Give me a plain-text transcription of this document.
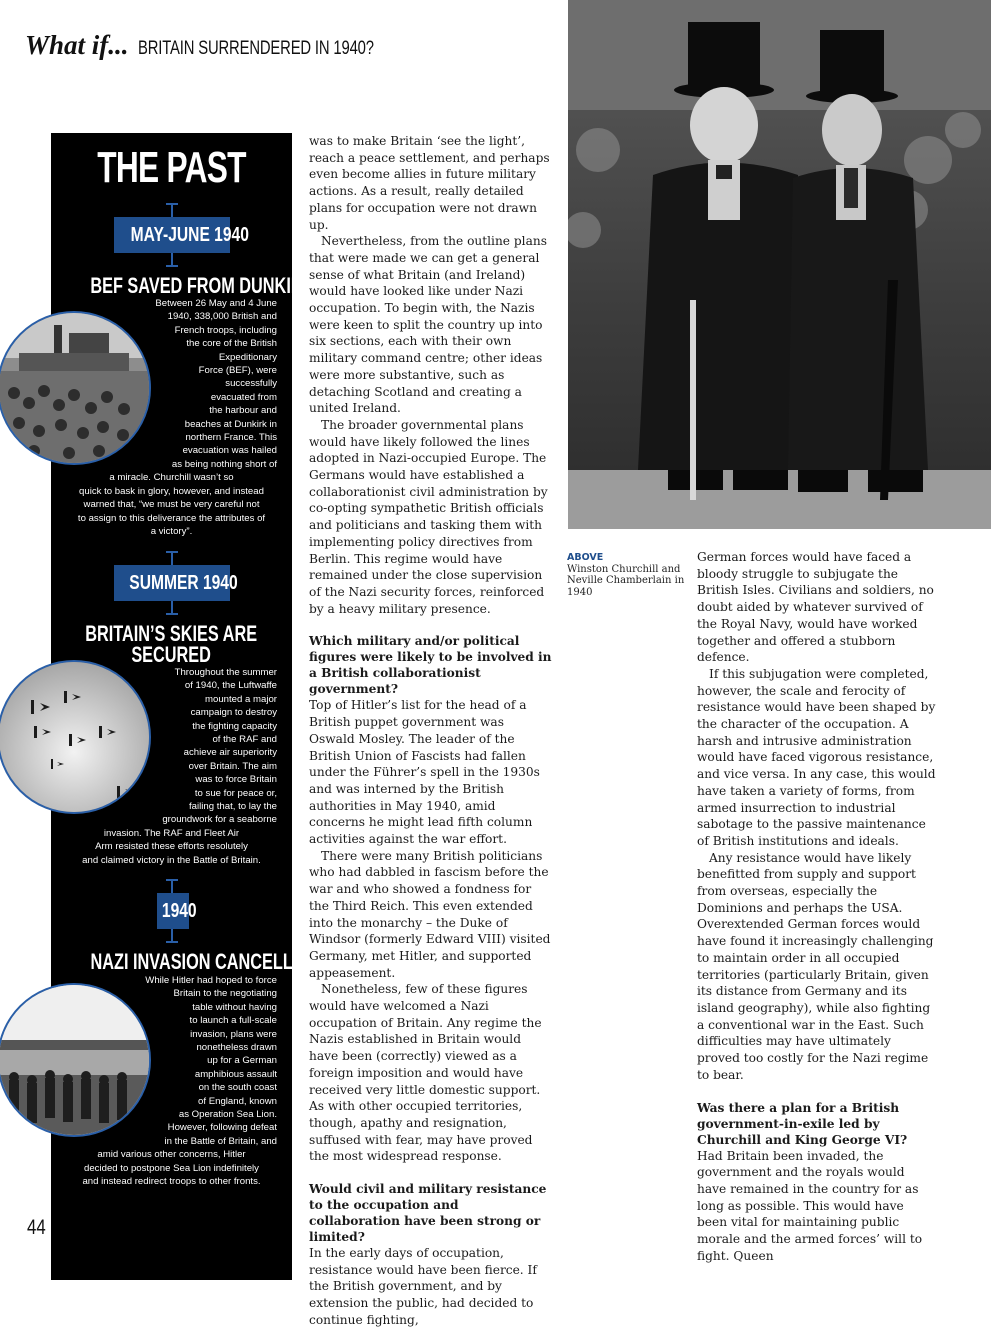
What if... BRITAIN SURRENDERED IN 1940?
THE PAST
MAY-JUNE 1940
BEF SAVED FROM DUNKIRK
Between 26 May and 4 June
1940, 338,000 British and
French troops, including
the core of the British
Expeditionary
Force (BEF), were
successfully
evacuated from
the harbour and
beaches at Dunkirk in
northern France. This
evacuation was hailed
as being nothing short of
a miracle. Churchill wasn’t so
quick to bask in glory, however, and instead
warned that, “we must be very careful not
to assign to this deliverance the attributes of
a victory”.
SUMMER 1940
BRITAIN’S SKIES ARE
SECURED
Throughout the summer
of 1940, the Luftwaffe
mounted a major
campaign to destroy
the fighting capacity
of the RAF and
achieve air superiority
over Britain. The aim
was to force Britain
to sue for peace or,
failing that, to lay the
groundwork for a seaborne
invasion. The RAF and Fleet Air
Arm resisted these efforts resolutely
and claimed victory in the Battle of Britain.
1940
NAZI INVASION CANCELLED
While Hitler had hoped to force
Britain to the negotiating
table without having
to launch a full-scale
invasion, plans were
nonetheless drawn
up for a German
amphibious assault
on the south coast
of England, known
as Operation Sea Lion.
However, following defeat
in the Battle of Britain, and
amid various other concerns, Hitler
decided to postpone Sea Lion indefinitely
and instead redirect troops to other fronts.
44

was to make Britain ‘see the light’, reach a peace settlement, and perhaps even become allies in future military actions. As a result, really detailed plans for occupation were not drawn up.

Nevertheless, from the outline plans that were made we can get a general sense of what Britain (and Ireland) would have looked like under Nazi occupation. To begin with, the Nazis were keen to split the country up into six sections, each with their own military command centre; other ideas were more substantive, such as detaching Scotland and creating a united Ireland.

The broader governmental plans would have likely followed the lines adopted in Nazi-occupied Europe. The Germans would have established a collaborationist civil administration by co-opting sympathetic British officials and politicians and tasking them with implementing policy directives from Berlin. This regime would have remained under the close supervision of the Nazi security forces, reinforced by a heavy military presence.

Which military and/or political figures were likely to be involved in a British collaborationist government?

Top of Hitler’s list for the head of a British puppet government was Oswald Mosley. The leader of the British Union of Fascists had fallen under the Führer’s spell in the 1930s and was interned by the British authorities in May 1940, amid concerns he might lead fifth column activities against the war effort.

There were many British politicians who had dabbled in fascism before the war and who showed a fondness for the Third Reich. This even extended into the monarchy – the Duke of Windsor (formerly Edward VIII) visited Germany, met Hitler, and supported appeasement.

Nonetheless, few of these figures would have welcomed a Nazi occupation of Britain. Any regime the Nazis established in Britain would have been (correctly) viewed as a foreign imposition and would have received very little domestic support. As with other occupied territories, though, apathy and resignation, suffused with fear, may have proved the most widespread response.

Would civil and military resistance to the occupation and collaboration have been strong or limited?

In the early days of occupation, resistance would have been fierce. If the British government, and by extension the public, had decided to continue fighting,

ABOVE
Winston Churchill and Neville Chamberlain in 1940

German forces would have faced a bloody struggle to subjugate the British Isles. Civilians and soldiers, no doubt aided by whatever survived of the Royal Navy, would have worked together and offered a stubborn defence.

If this subjugation were completed, however, the scale and ferocity of resistance would have been shaped by the character of the occupation. A harsh and intrusive administration would have faced vigorous resistance, and vice versa. In any case, this would have taken a variety of forms, from armed insurrection to industrial sabotage to the passive maintenance of British institutions and ideals.

Any resistance would have likely benefitted from supply and support from overseas, especially the Dominions and perhaps the USA. Overextended German forces would have found it increasingly challenging to maintain order in all occupied territories (particularly Britain, given its distance from Germany and its island geography), while also fighting a conventional war in the East. Such difficulties may have ultimately proved too costly for the Nazi regime to bear.

Was there a plan for a British government-in-exile led by Churchill and King George VI?

Had Britain been invaded, the government and the royals would have remained in the country for as long as possible. This would have been vital for maintaining public morale and the armed forces’ will to fight. Queen
